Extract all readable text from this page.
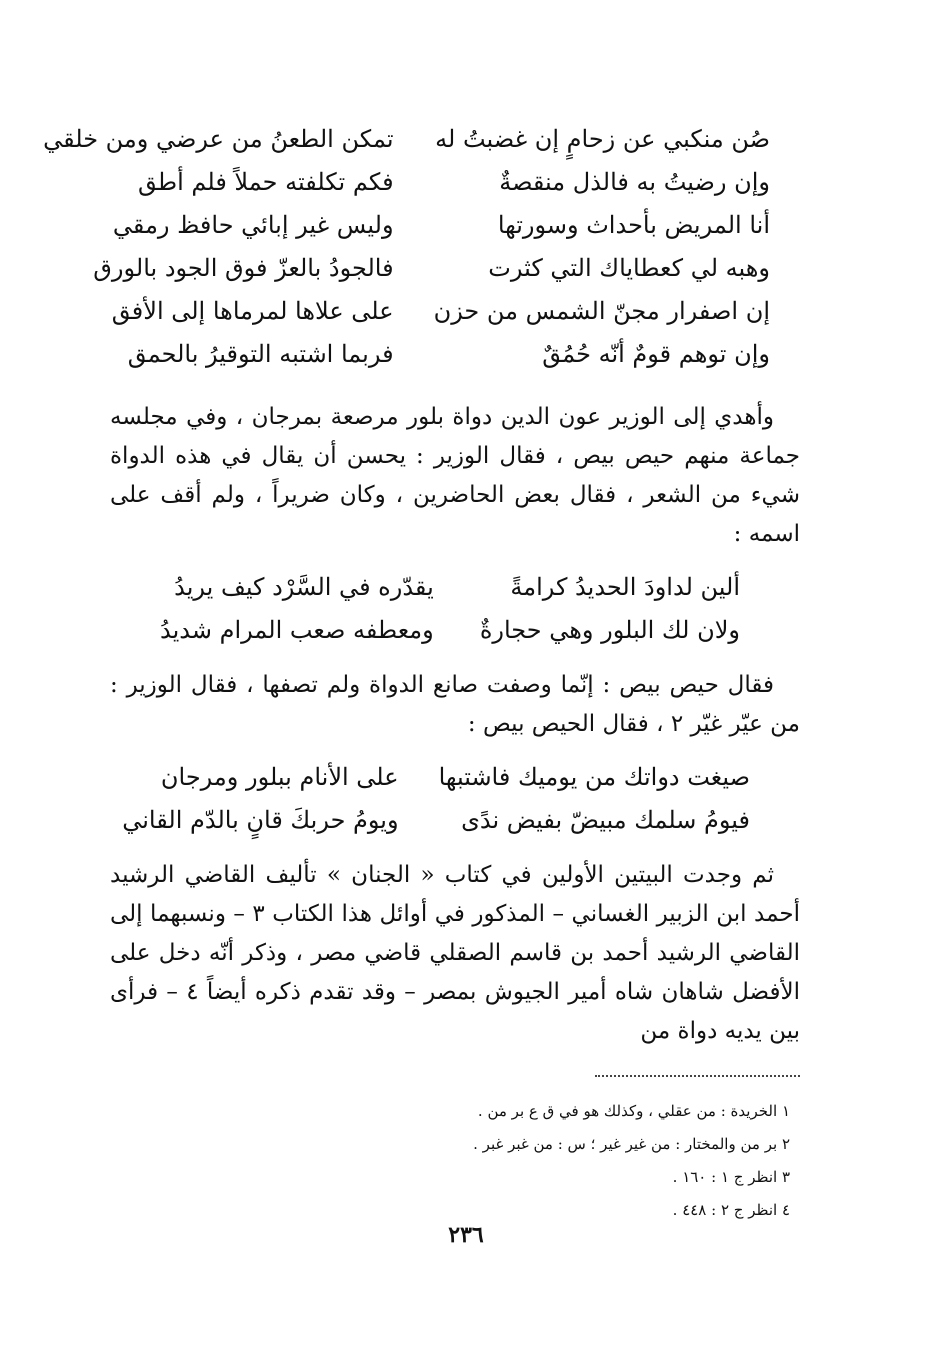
صُن منكبي عن زحامٍ إن غضبتُ له
تمكن الطعنُ من عرضي ومن خلقي
وإن رضيتُ به فالذل منقصةٌ
فكم تكلفته حملاً فلم أطق
أنا المريض بأحداث وسورتها
وليس غير إبائي حافظ رمقي
وهبه لي كعطاياك التي كثرت
فالجودُ بالعزّ فوق الجود بالورق
إن اصفرار مجنّ الشمس من حزن
على علاها لمرماها إلى الأفق
وإن توهم قومٌ أنّه حُمُقٌ
فربما اشتبه التوقيرُ بالحمق

وأهدي إلى الوزير عون الدين دواة بلور مرصعة بمرجان ، وفي مجلسه جماعة منهم حيص بيص ، فقال الوزير : يحسن أن يقال في هذه الدواة شيء من الشعر ، فقال بعض الحاضرين ، وكان ضريراً ، ولم أقف على اسمه :

ألين لداودَ الحديدُ كرامةً
يقدّره في السَّرْد كيف يريدُ
ولان لك البلور وهي حجارةٌ
ومعطفه صعب المرام شديدُ

فقال حيص بيص : إنّما وصفت صانع الدواة ولم تصفها ، فقال الوزير : من عيّر غيّر ٢ ، فقال الحيص بيص :

صيغت دواتك من يوميك فاشتبها
على الأنام ببلور ومرجان
فيومُ سلمك مبيضّ بفيض ندًى
ويومُ حربكَ قانٍ بالدّم القاني

ثم وجدت البيتين الأولين في كتاب « الجنان » تأليف القاضي الرشيد أحمد ابن الزبير الغساني – المذكور في أوائل هذا الكتاب ٣ – ونسبهما إلى القاضي الرشيد أحمد بن قاسم الصقلي قاضي مصر ، وذكر أنّه دخل على الأفضل شاهان شاه أمير الجيوش بمصر – وقد تقدم ذكره أيضاً ٤ – فرأى بين يديه دواة من

١ الخريدة : من عقلي ، وكذلك هو في ق ع بر من .
٢ بر من والمختار : من غير غير ؛ س : من غبر غبر .
٣ انظر ج ١ : ١٦٠ .
٤ انظر ج ٢ : ٤٤٨ .
٢٣٦
